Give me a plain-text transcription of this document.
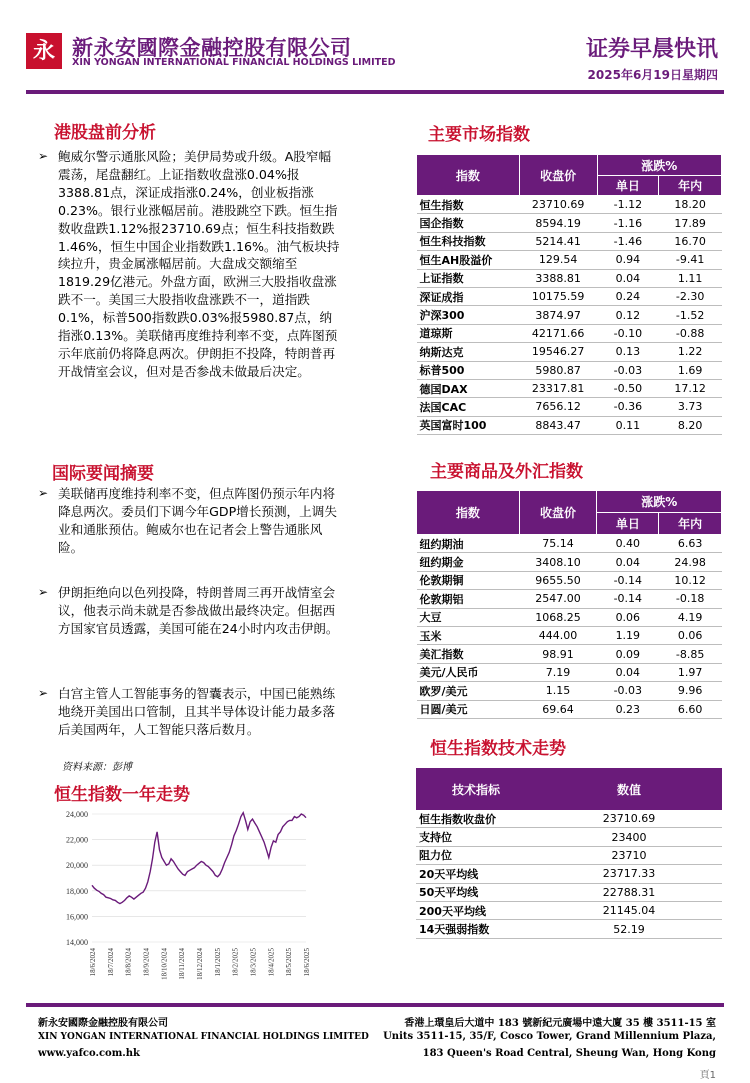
永 新永安國際金融控股有限公司
XIN YONGAN INTERNATIONAL FINANCIAL HOLDINGS LIMITED
证券早晨快讯
2025年6月19日星期四
港股盘前分析
➢ 鲍威尔警示通胀风险；美伊局势或升级。A股窄幅震荡，尾盘翻红。上证指数收盘涨0.04%报3388.81点，深证成指涨0.24%，创业板指涨0.23%。银行业涨幅居前。港股跳空下跌。恒生指数收盘跌1.12%报23710.69点；恒生科技指数跌1.46%，恒生中国企业指数跌1.16%。油气板块持续拉升，贵金属涨幅居前。大盘成交额缩至1819.29亿港元。外盘方面，欧洲三大股指收盘涨跌不一。美国三大股指收盘涨跌不一，道指跌0.1%，标普500指数跌0.03%报5980.87点，纳指涨0.13%。美联储再度维持利率不变，点阵图预示年底前仍将降息两次。伊朗拒不投降，特朗普再开战情室会议，但对是否参战未做最后决定。
国际要闻摘要
➢ 美联储再度维持利率不变，但点阵图仍预示年内将降息两次。委员们下调今年GDP增长预测，上调失业和通胀预估。鲍威尔也在记者会上警告通胀风险。
➢ 伊朗拒绝向以色列投降，特朗普周三再开战情室会议，他表示尚未就是否参战做出最终决定。但据西方国家官员透露，美国可能在24小时内攻击伊朗。
➢ 白宫主管人工智能事务的智囊表示，中国已能熟练地绕开美国出口管制，且其半导体设计能力最多落后美国两年，人工智能只落后数月。
资料来源：彭博
恒生指数一年走势
14,000
16,000
18,000
20,000
22,000
24,000
18/6/2024 18/7/2024 18/8/2024 18/9/2024 18/10/2024 18/11/2024 18/12/2024 18/1/2025 18/2/2025 18/3/2025 18/4/2025 18/5/2025 18/6/2025
主要市场指数
指数	收盘价	涨跌%	
		单日	年内
恒生指数	23710.69	-1.12	18.20
国企指数	8594.19	-1.16	17.89
恒生科技指数	5214.41	-1.46	16.70
恒生AH股溢价	129.54	0.94	-9.41
上证指数	3388.81	0.04	1.11
深证成指	10175.59	0.24	-2.30
沪深300	3874.97	0.12	-1.52
道琼斯	42171.66	-0.10	-0.88
纳斯达克	19546.27	0.13	1.22
标普500	5980.87	-0.03	1.69
德国DAX	23317.81	-0.50	17.12
法国CAC	7656.12	-0.36	3.73
英国富时100	8843.47	0.11	8.20
主要商品及外汇指数
指数	收盘价	涨跌%	
		单日	年内
纽约期油	75.14	0.40	6.63
纽约期金	3408.10	0.04	24.98
伦敦期铜	9655.50	-0.14	10.12
伦敦期铝	2547.00	-0.14	-0.18
大豆	1068.25	0.06	4.19
玉米	444.00	1.19	0.06
美汇指数	98.91	0.09	-8.85
美元/人民币	7.19	0.04	1.97
欧罗/美元	1.15	-0.03	9.96
日圆/美元	69.64	0.23	6.60
恒生指数技术走势
技术指标	数值
恒生指数收盘价	23710.69
支持位	23400
阻力位	23710
20天平均线	23717.33
50天平均线	22788.31
200天平均线	21145.04
14天强弱指数	52.19
新永安國際金融控股有限公司
XIN YONGAN INTERNATIONAL FINANCIAL HOLDINGS LIMITED
www.yafco.com.hk
香港上環皇后大道中 183 號新紀元廣場中遠大廈 35 樓 3511-15 室
Units 3511-15, 35/F, Cosco Tower, Grand Millennium Plaza,
183 Queen's Road Central, Sheung Wan, Hong Kong
頁1
